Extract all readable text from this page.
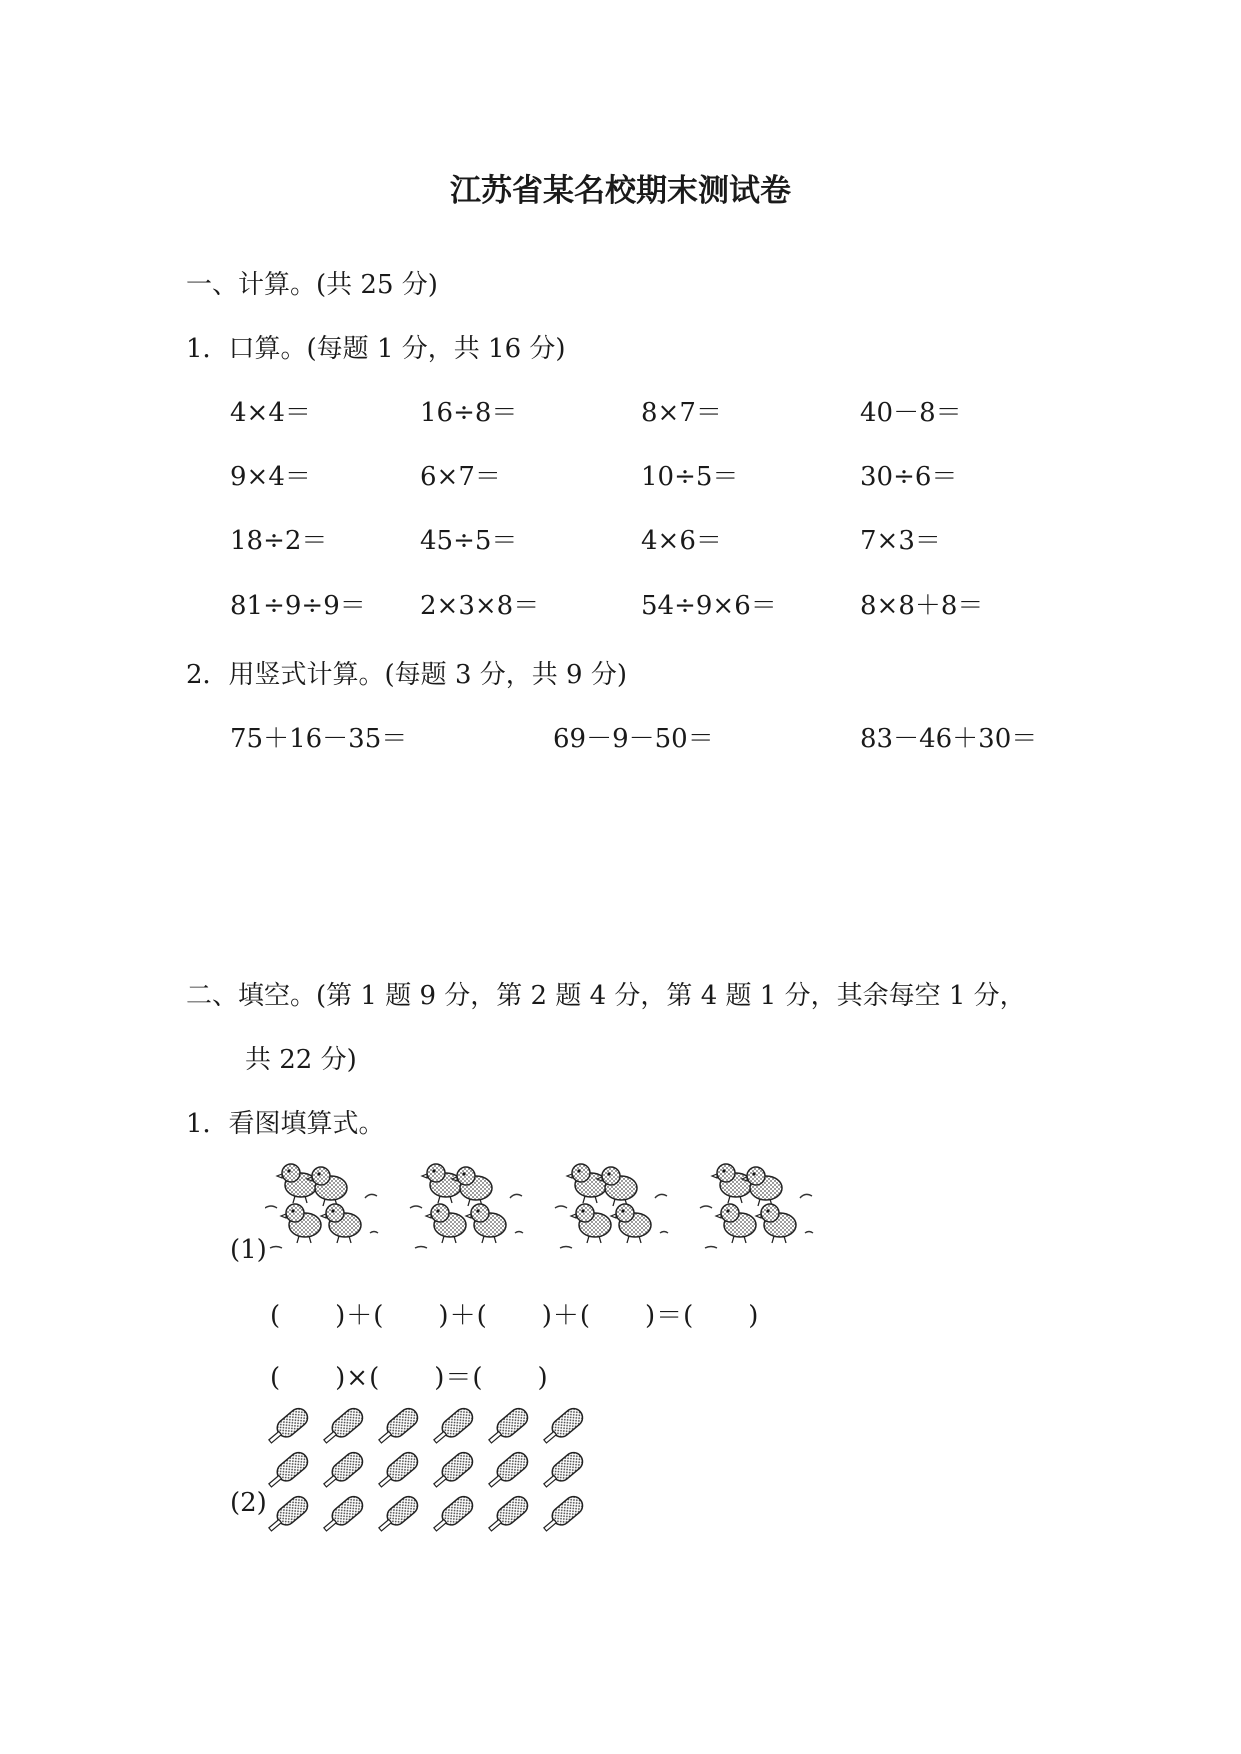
江苏省某名校期末测试卷
一、计算。(共 25 分)
1．口算。(每题 1 分，共 16 分)
4×4＝	16÷8＝	8×7＝	40－8＝
9×4＝	6×7＝	10÷5＝	30÷6＝
18÷2＝	45÷5＝	4×6＝	7×3＝
81÷9÷9＝ 2×3×8＝	54÷9×6＝	8×8＋8＝
2．用竖式计算。(每题 3 分，共 9 分)
75＋16－35＝	69－9－50＝	83－46＋30＝
二、填空。(第 1 题 9 分，第 2 题 4 分，第 4 题 1 分，其余每空 1 分，
共 22 分)
1．看图填算式。
(1)
(　　)＋(　　)＋(　　)＋(　　)＝(　　)
(　　)×(　　)＝(　　)
(2)
